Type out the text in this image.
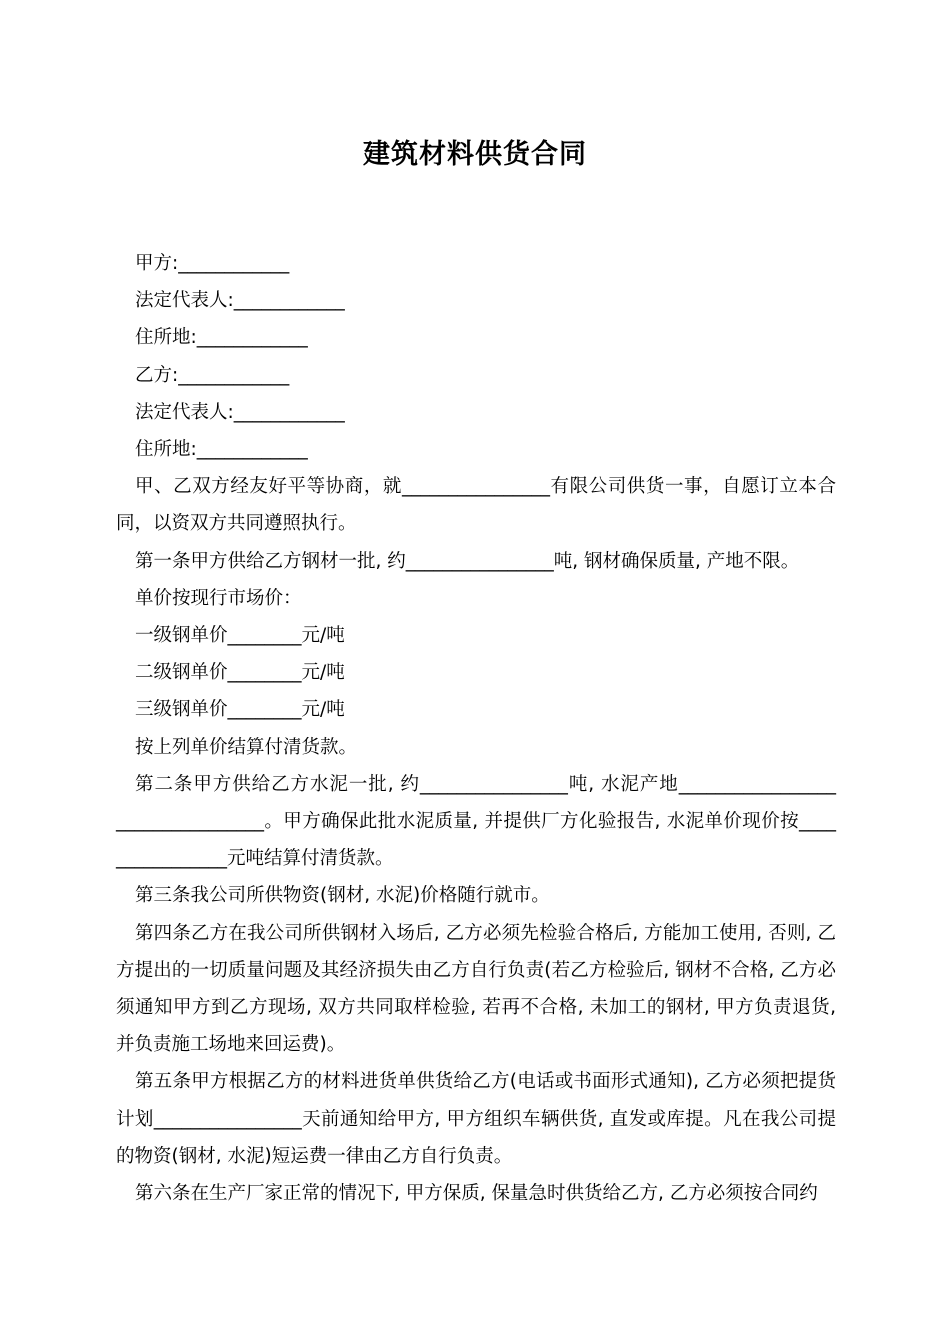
建筑材料供货合同

甲方:____________

法定代表人:____________

住所地:____________

乙方:____________

法定代表人:____________

住所地:____________

甲、乙双方经友好平等协商，就________________有限公司供货一事，自愿订立本合同，以资双方共同遵照执行。

第一条甲方供给乙方钢材一批, 约________________吨, 钢材确保质量, 产地不限。

单价按现行市场价：

一级钢单价________元/吨

二级钢单价________元/吨

三级钢单价________元/吨

按上列单价结算付清货款。

第二条甲方供给乙方水泥一批, 约________________吨, 水泥产地_________________ ________________。甲方确保此批水泥质量, 并提供厂方化验报告, 水泥单价现价按____ ____________元吨结算付清货款。

第三条我公司所供物资(钢材, 水泥)价格随行就市。

第四条乙方在我公司所供钢材入场后, 乙方必须先检验合格后, 方能加工使用, 否则, 乙方提出的一切质量问题及其经济损失由乙方自行负责(若乙方检验后, 钢材不合格, 乙方必须通知甲方到乙方现场, 双方共同取样检验, 若再不合格, 未加工的钢材, 甲方负责退货, 并负责施工场地来回运费)。

第五条甲方根据乙方的材料进货单供货给乙方(电话或书面形式通知), 乙方必须把提货计划________________天前通知给甲方, 甲方组织车辆供货, 直发或库提。凡在我公司提的物资(钢材, 水泥)短运费一律由乙方自行负责。

第六条在生产厂家正常的情况下, 甲方保质, 保量急时供货给乙方, 乙方必须按合同约
